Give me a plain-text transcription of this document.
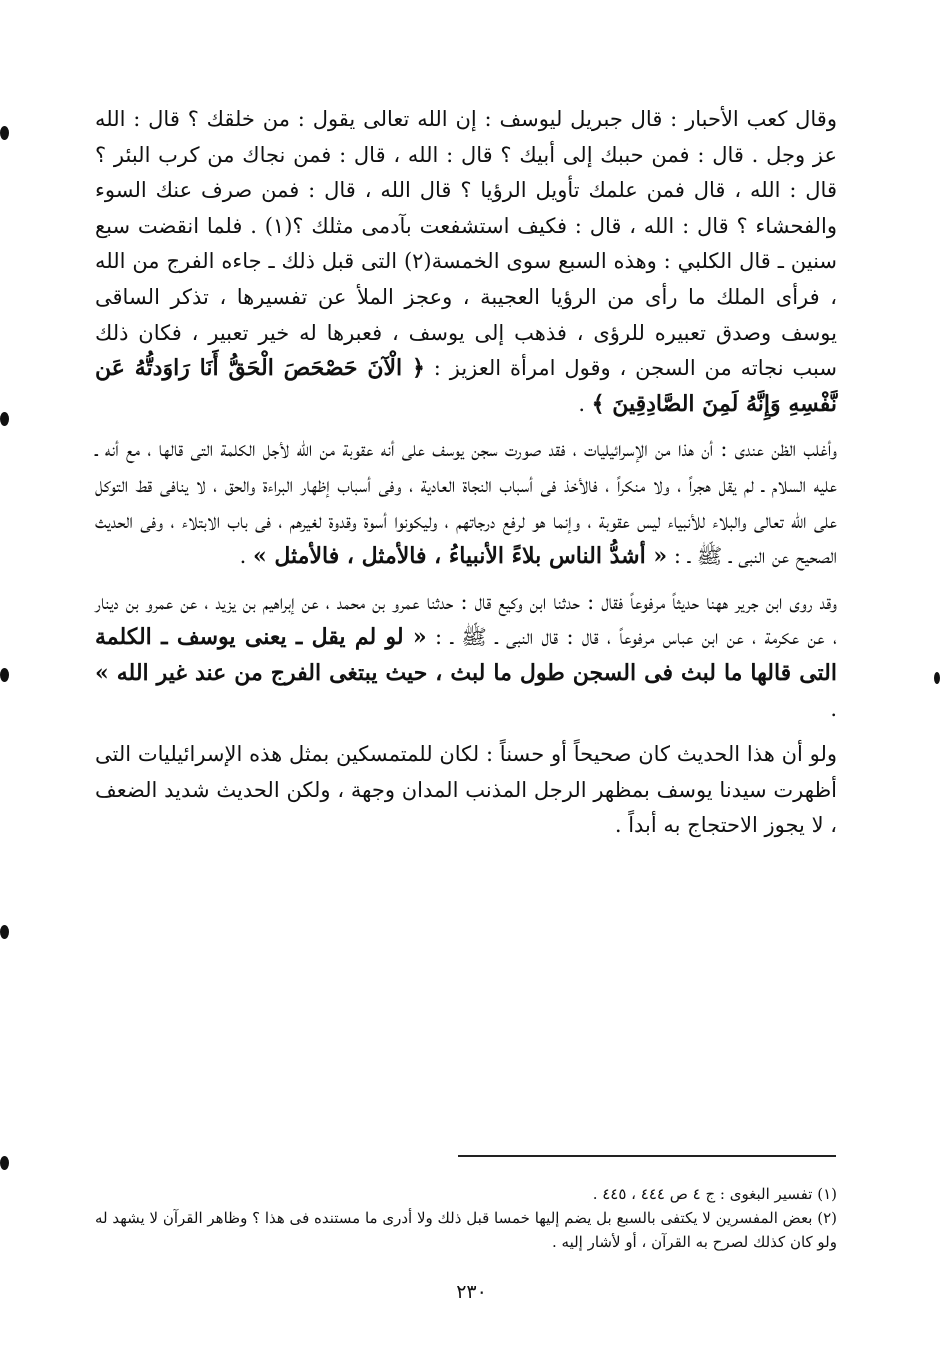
وقال كعب الأحبار : قال جبريل ليوسف : إن الله تعالى يقول : من خلقك ؟ قال : الله عز وجل . قال : فمن حببك إلى أبيك ؟ قال : الله ، قال : فمن نجاك من كرب البئر ؟ قال : الله ، قال فمن علمك تأويل الرؤيا ؟ قال الله ، قال : فمن صرف عنك السوء والفحشاء ؟ قال : الله ، قال : فكيف استشفعت بآدمى مثلك ؟(١) . فلما انقضت سبع سنين ـ قال الكلبي : وهذه السبع سوى الخمسة(٢) التى قبل ذلك ـ جاءه الفرج من الله ، فرأى الملك ما رأى من الرؤيا العجيبة ، وعجز الملأ عن تفسيرها ، تذكر الساقى يوسف وصدق تعبيره للرؤى ، فذهب إلى يوسف ، فعبرها له خير تعبير ، فكان ذلك سبب نجاته من السجن ، وقول امرأة العزيز : ﴿ الْآنَ حَصْحَصَ الْحَقُّ أَنَا رَاوَدتُّهُ عَن نَّفْسِهِ وَإِنَّهُ لَمِنَ الصَّادِقِينَ ﴾ .

وأغلب الظن عندى : أن هذا من الإسرائيليات ، فقد صورت سجن يوسف على أنه عقوبة من الله لأجل الكلمة التى قالها ، مع أنه ـ عليه السلام ـ لم يقل هجراً ، ولا منكراً ، فالأخذ فى أسباب النجاة العادية ، وفى أسباب إظهار البراءة والحق ، لا ينافى قط التوكل على الله تعالى والبلاء للأنبياء ليس عقوبة ، وإنما هو لرفع درجاتهم ، وليكونوا أسوة وقدوة لغيرهم ، فى باب الابتلاء ، وفى الحديث الصحيح عن النبى ـ ﷺ ـ : « أشدُّ الناس بلاءً الأنبياءُ ، فالأمثل ، فالأمثل » .

وقد روى ابن جرير ههنا حديثاً مرفوعاً فقال : حدثنا ابن وكيع قال : حدثنا عمرو بن محمد ، عن إبراهيم بن يزيد ، عن عمرو بن دينار ، عن عكرمة ، عن ابن عباس مرفوعاً ، قال : قال النبى ـ ﷺ ـ : « لو لم يقل ـ يعنى يوسف ـ الكلمة التى قالها ما لبث فى السجن طول ما لبث ، حيث يبتغى الفرج من عند غير الله » .

ولو أن هذا الحديث كان صحيحاً أو حسناً : لكان للمتمسكين بمثل هذه الإسرائيليات التى أظهرت سيدنا يوسف بمظهر الرجل المذنب المدان وجهة ، ولكن الحديث شديد الضعف ، لا يجوز الاحتجاج به أبداً .

(١) تفسير البغوى : ج ٤ ص ٤٤٤ ، ٤٤٥ .

(٢) بعض المفسرين لا يكتفى بالسبع بل يضم إليها خمسا قبل ذلك ولا أدرى ما مستنده فى هذا ؟ وظاهر القرآن لا يشهد له ولو كان كذلك لصرح به القرآن ، أو لأشار إليه .

٢٣٠
